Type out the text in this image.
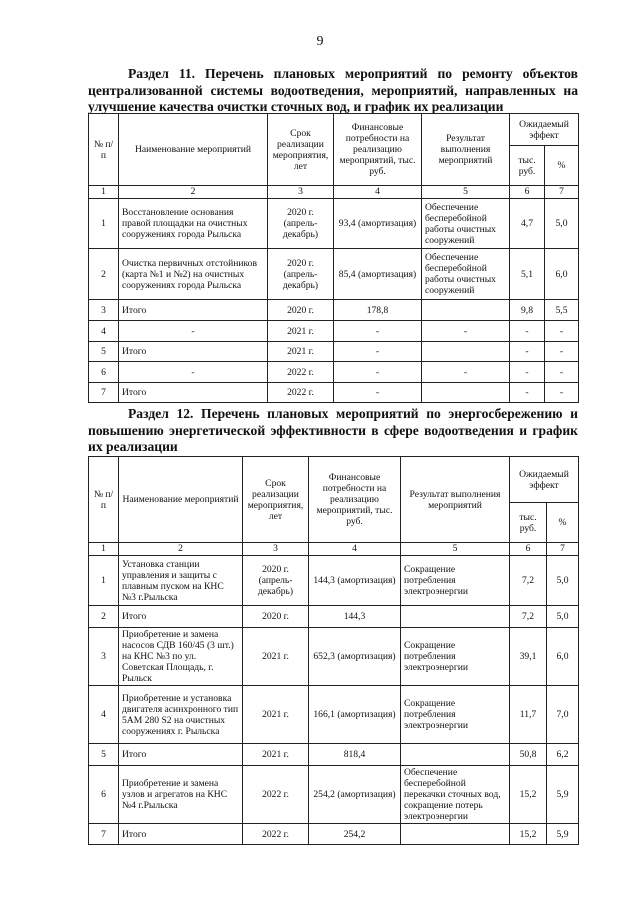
9
Раздел 11. Перечень плановых мероприятий по ремонту объектов централизованной системы водоотведения, мероприятий, направленных на улучшение качества очистки сточных вод, и график их реализации
№ п/п	Наименование мероприятий	Срок реализации мероприятия, лет	Финансовые потребности на реализацию мероприятий, тыс. руб.	Результат выполнения мероприятий	Ожидаемый эффект	
					тыс. руб.	%
1	2	3	4	5	6	7
1	Восстановление основания правой площадки на очистных сооружениях города Рыльска	2020 г. (апрель-декабрь)	93,4 (амортизация)	Обеспечение бесперебойной работы очистных сооружений	4,7	5,0
2	Очистка первичных отстойников (карта №1 и №2) на очистных сооружениях города Рыльска	2020 г. (апрель-декабрь)	85,4 (амортизация)	Обеспечение бесперебойной работы очистных сооружений	5,1	6,0
3	Итого	2020 г.	178,8		9,8	5,5
4	-	2021 г.	-	-	-	-
5	Итого	2021 г.	-		-	-
6	-	2022 г.	-	-	-	-
7	Итого	2022 г.	-		-	-
Раздел 12. Перечень плановых мероприятий по энергосбережению и повышению энергетической эффективности в сфере водоотведения и график их реализации
№ п/п	Наименование мероприятий	Срок реализации мероприятия, лет	Финансовые потребности на реализацию мероприятий, тыс. руб.	Результат выполнения мероприятий	Ожидаемый эффект	
					тыс. руб.	%
1	2	3	4	5	6	7
1	Установка станции управления и защиты с плавным пуском на КНС №3 г.Рыльска	2020 г. (апрель-декабрь)	144,3 (амортизация)	Сокращение потребления электроэнергии	7,2	5,0
2	Итого	2020 г.	144,3		7,2	5,0
3	Приобретение и замена насосов СДВ 160/45 (3 шт.) на КНС №3 по ул. Советская Площадь, г. Рыльск	2021 г.	652,3 (амортизация)	Сокращение потребления электроэнергии	39,1	6,0
4	Приобретение и установка двигателя асинхронного тип 5АМ 280 S2 на очистных сооружениях г. Рыльска	2021 г.	166,1 (амортизация)	Сокращение потребления электроэнергии	11,7	7,0
5	Итого	2021 г.	818,4		50,8	6,2
6	Приобретение и замена узлов и агрегатов на КНС №4 г.Рыльска	2022 г.	254,2 (амортизация)	Обеспечение бесперебойной перекачки сточных вод, сокращение потерь электроэнергии	15,2	5,9
7	Итого	2022 г.	254,2		15,2	5,9
